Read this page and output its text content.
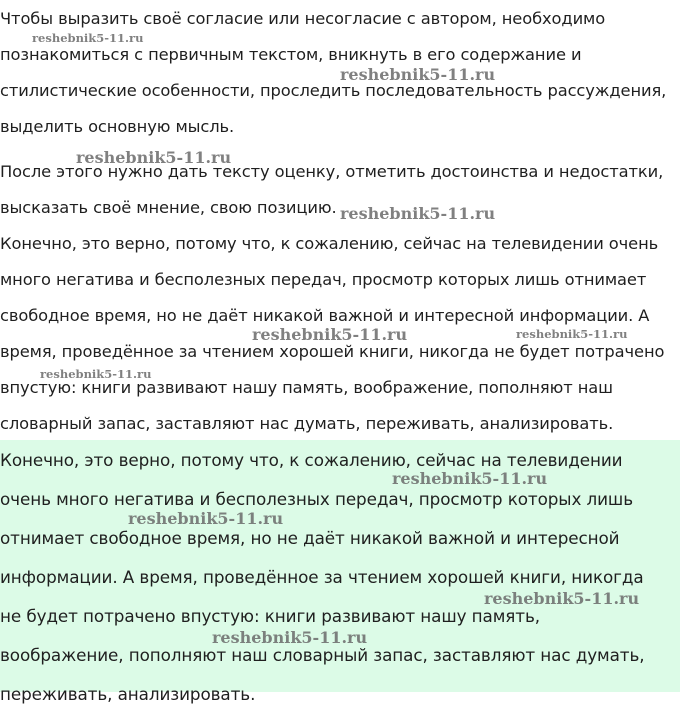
Чтобы выразить своё согласие или несогласие с автором, необходимо
познакомиться с первичным текстом, вникнуть в его содержание и
стилистические особенности, проследить последовательность рассуждения,
выделить основную мысль.
После этого нужно дать тексту оценку, отметить достоинства и недостатки,
высказать своё мнение, свою позицию.
Конечно, это верно, потому что, к сожалению, сейчас на телевидении очень
много негатива и бесполезных передач, просмотр которых лишь отнимает
свободное время, но не даёт никакой важной и интересной информации. А
время, проведённое за чтением хорошей книги, никогда не будет потрачено
впустую: книги развивают нашу память, воображение, пополняют наш
словарный запас, заставляют нас думать, переживать, анализировать.
Конечно, это верно, потому что, к сожалению, сейчас на телевидении
очень много негатива и бесполезных передач, просмотр которых лишь
отнимает свободное время, но не даёт никакой важной и интересной
информации. А время, проведённое за чтением хорошей книги, никогда
не будет потрачено впустую: книги развивают нашу память,
воображение, пополняют наш словарный запас, заставляют нас думать,
переживать, анализировать.
reshebnik5-11.ru
reshebnik5-11.ru
reshebnik5-11.ru
reshebnik5-11.ru
reshebnik5-11.ru	reshebnik5-11.ru
reshebnik5-11.ru
reshebnik5-11.ru
reshebnik5-11.ru
reshebnik5-11.ru
reshebnik5-11.ru
